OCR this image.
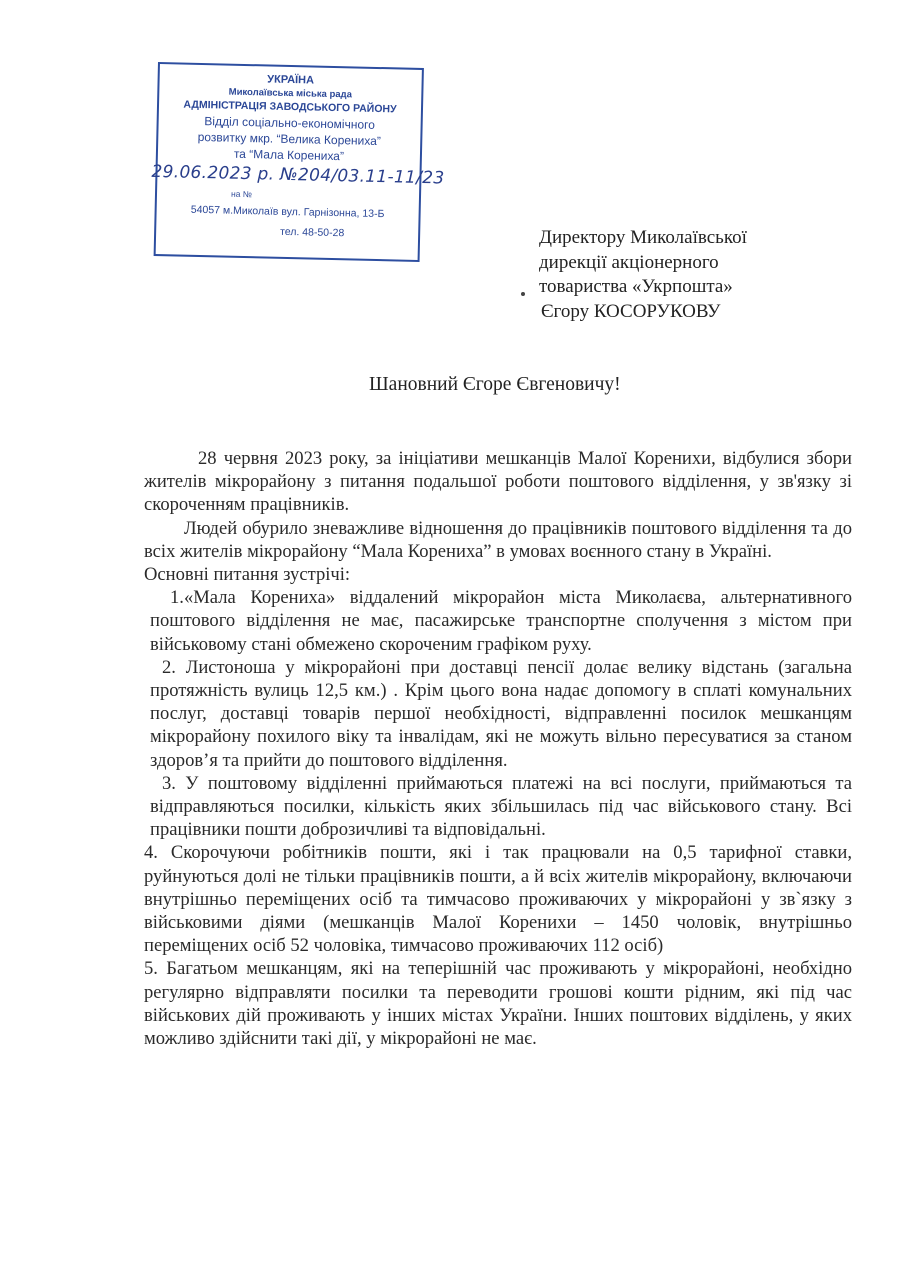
УКРАЇНА
Миколаївська міська рада
АДМІНІСТРАЦІЯ ЗАВОДСЬКОГО РАЙОНУ
Відділ соціально-економічного
розвитку мкр. “Велика Корениха”
та “Мала Корениха”
29.06.2023 р. №204/03.11-11/23
на №
54057 м.Миколаїв вул. Гарнізонна, 13-Б
тел. 48-50-28	Директору Миколаївської
дирекції акціонерного
товариства «Укрпошта»
Єгору КОСОРУКОВУ
Шановний Єгоре Євгеновичу!

28 червня 2023 року, за ініціативи мешканців Малої Коренихи, відбулися збори жителів мікрорайону з питання подальшої роботи поштового відділення, у зв'язку зі скороченням працівників.

Людей обурило зневажливе відношення до працівників поштового відділення та до всіх жителів мікрорайону “Мала Корениха” в умовах воєнного стану в Україні.

Основні питання зустрічі:

1.«Мала Корениха» віддалений мікрорайон міста Миколаєва, альтернативного поштового відділення не має, пасажирське транспортне сполучення з містом при військовому стані обмежено скороченим графіком руху.

2. Листоноша у мікрорайоні при доставці пенсії долає велику відстань (загальна протяжність вулиць 12,5 км.) . Крім цього вона надає допомогу в сплаті комунальних послуг, доставці товарів першої необхідності, відправленні посилок мешканцям мікрорайону похилого віку та інвалідам, які не можуть вільно пересуватися за станом здоров’я та прийти до поштового відділення.

3. У поштовому відділенні приймаються платежі на всі послуги, приймаються та відправляються посилки, кількість яких збільшилась під час військового стану. Всі працівники пошти доброзичливі та відповідальні.

4. Скорочуючи робітників пошти, які і так працювали на 0,5 тарифної ставки, руйнуються долі не тільки працівників пошти, а й всіх жителів мікрорайону, включаючи внутрішньо переміщених осіб та тимчасово проживаючих у мікрорайоні у зв`язку з військовими діями (мешканців Малої Коренихи – 1450 чоловік, внутрішньо переміщених осіб 52 чоловіка, тимчасово проживаючих 112 осіб)

5. Багатьом мешканцям, які на теперішній час проживають у мікрорайоні, необхідно регулярно відправляти посилки та переводити грошові кошти рідним, які під час військових дій проживають у інших містах України. Інших поштових відділень, у яких можливо здійснити такі дії, у мікрорайоні не має.
